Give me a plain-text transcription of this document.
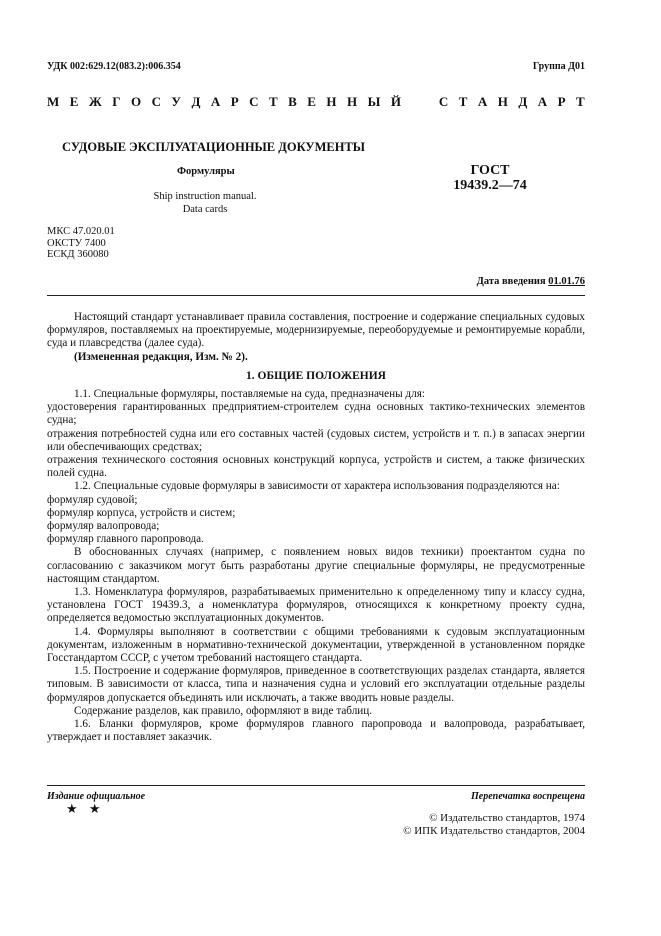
УДК 002:629.12(083.2):006.354	Группа Д01
М Е Ж Г О С У Д А Р С Т В Е Н Н Ы Й

	С Т А Н Д А Р Т
СУДОВЫЕ ЭКСПЛУАТАЦИОННЫЕ ДОКУМЕНТЫ
Формуляры
Ship instruction manual.
Data cards
ГОСТ
19439.2—74
МКС 47.020.01
ОКСТУ 7400
ЕСКД 360080
Дата введения 01.01.76

Настоящий стандарт устанавливает правила составления, построение и содержание специальных судовых формуляров, поставляемых на проектируемые, модернизируемые, переоборудуемые и ремонтируемые корабли, суда и плавсредства (далее суда).

(Измененная редакция, Изм. № 2).

1. ОБЩИЕ ПОЛОЖЕНИЯ

1.1. Специальные формуляры, поставляемые на суда, предназначены для:

удостоверения гарантированных предприятием-строителем судна основных тактико-технических элементов судна;

отражения потребностей судна или его составных частей (судовых систем, устройств и т. п.) в запасах энергии или обеспечивающих средствах;

отражения технического состояния основных конструкций корпуса, устройств и систем, а также физических полей судна.

1.2. Специальные судовые формуляры в зависимости от характера использования подразделяются на:

формуляр судовой;

формуляр корпуса, устройств и систем;

формуляр валопровода;

формуляр главного паропровода.

В обоснованных случаях (например, с появлением новых видов техники) проектантом судна по согласованию с заказчиком могут быть разработаны другие специальные формуляры, не предусмотренные настоящим стандартом.

1.3. Номенклатура формуляров, разрабатываемых применительно к определенному типу и классу судна, установлена ГОСТ 19439.3, а номенклатура формуляров, относящихся к конкретному проекту судна, определяется ведомостью эксплуатационных документов.

1.4. Формуляры выполняют в соответствии с общими требованиями к судовым эксплуатационным документам, изложенным в нормативно-технической документации, утвержденной в установленном порядке Госстандартом СССР, с учетом требований настоящего стандарта.

1.5. Построение и содержание формуляров, приведенное в соответствующих разделах стандарта, является типовым. В зависимости от класса, типа и назначения судна и условий его эксплуатации отдельные разделы формуляров допускается объединять или исключать, а также вводить новые разделы.

Содержание разделов, как правило, оформляют в виде таблиц.

1.6. Бланки формуляров, кроме формуляров главного паропровода и валопровода, разрабатывает, утверждает и поставляет заказчик.

Издание официальное
★ ★
Перепечатка воспрещена
© Издательство стандартов, 1974
© ИПК Издательство стандартов, 2004
